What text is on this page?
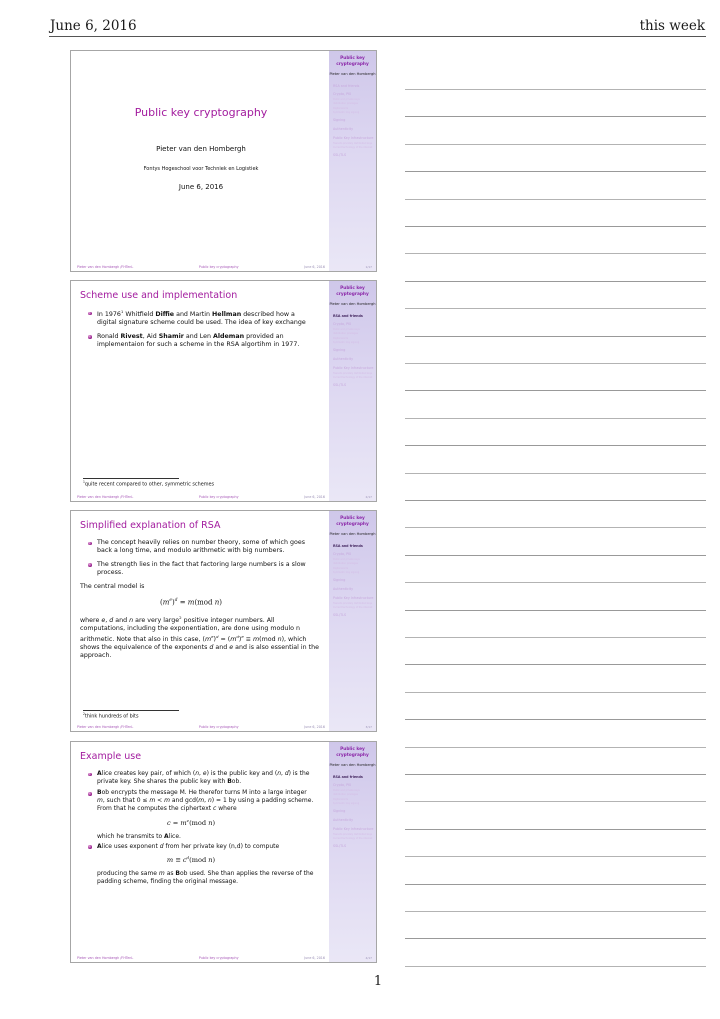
June 6, 2016	this week
Public key cryptography
Pieter van den Hombergh
Fontys Hogeschool voor Techniek en Logistiek
June 6, 2016
Pieter van den Hombergh /FHTenL	Public key cryptography	June 6, 2016
Public key cryptography
Pieter van den Hombergh
RSA and friends
Crypto, PKI
Public and private keys
distribution privileges
Digital words
Symmetric key signing
Signing
Authenticity
Public Key Infrastructure
Towards privately distributed keys
Current technology of the internet
SSL/TLS
1/17
Scheme use and implementation
In 1976$^1$ Whitfield Diffie and Martin Hellman described how a digital signature scheme could be used. The idea of key exchange
Ronald Rivest, Aid Shamir and Len Aldeman provided an implementaion for such a scheme in the RSA algortihm in 1977.
$^1$quite recent compared to other, symmetric schemes
Pieter van den Hombergh /FHTenL	Public key cryptography	June 6, 2016
Public key cryptography
Pieter van den Hombergh
RSA and friends
Crypto, PKI
Public and private keys
distribution privileges
Digital words
Symmetric key signing
Signing
Authenticity
Public Key Infrastructure
Towards privately distributed keys
Current technology of the internet
SSL/TLS
2/17
Simplified explanation of RSA
The concept heavily relies on number theory, some of which goes back a long time, and modulo arithmetic with big numbers.
The strength lies in the fact that factoring large numbers is a slow process.
The central model is
$(m^e)^d = m(mod$ n)
where e, d and n are very large$^2$ positive integer numbers. All computations, including the exponentiation, are done using modulo n arithmetic. Note that also in this case, $(m^e)^d = (m^d)^e \equiv m(mod$ n), which shows the equivalence of the exponents d and e and is also essential in the approach.
$^2$think hundreds of bits
Pieter van den Hombergh /FHTenL	Public key cryptography	June 6, 2016
Public key cryptography
Pieter van den Hombergh
RSA and friends
Crypto, PKI
Public and private keys
distribution privileges
Digital words
Symmetric key signing
Signing
Authenticity
Public Key Infrastructure
Towards privately distributed keys
Current technology of the internet
SSL/TLS
3/17
Example use
Alice creates key pair, of which (n, e) is the public key and (n, d) is the private key. She shares the public key with Bob.
Bob encrypts the message M. He therefor turns M into a large integer m, such that 0 ≤ m < m and gcd(m, n) = 1 by using a padding scheme. From that he computes the ciphertext c where
$c = m^e(mod$ n)
which he transmits to Alice.
Alice uses exponent d from her private key (n,d) to compute
$m \equiv c^d(mod$ n)
producing the same m as Bob used. She than applies the reverse of the padding scheme, finding the original message.
Pieter van den Hombergh /FHTenL	Public key cryptography	June 6, 2016
Public key cryptography
Pieter van den Hombergh
RSA and friends
Crypto, PKI
Public and private keys
distribution privileges
Digital words
Symmetric key signing
Signing
Authenticity
Public Key Infrastructure
Towards privately distributed keys
Current technology of the internet
SSL/TLS
4/17
1
